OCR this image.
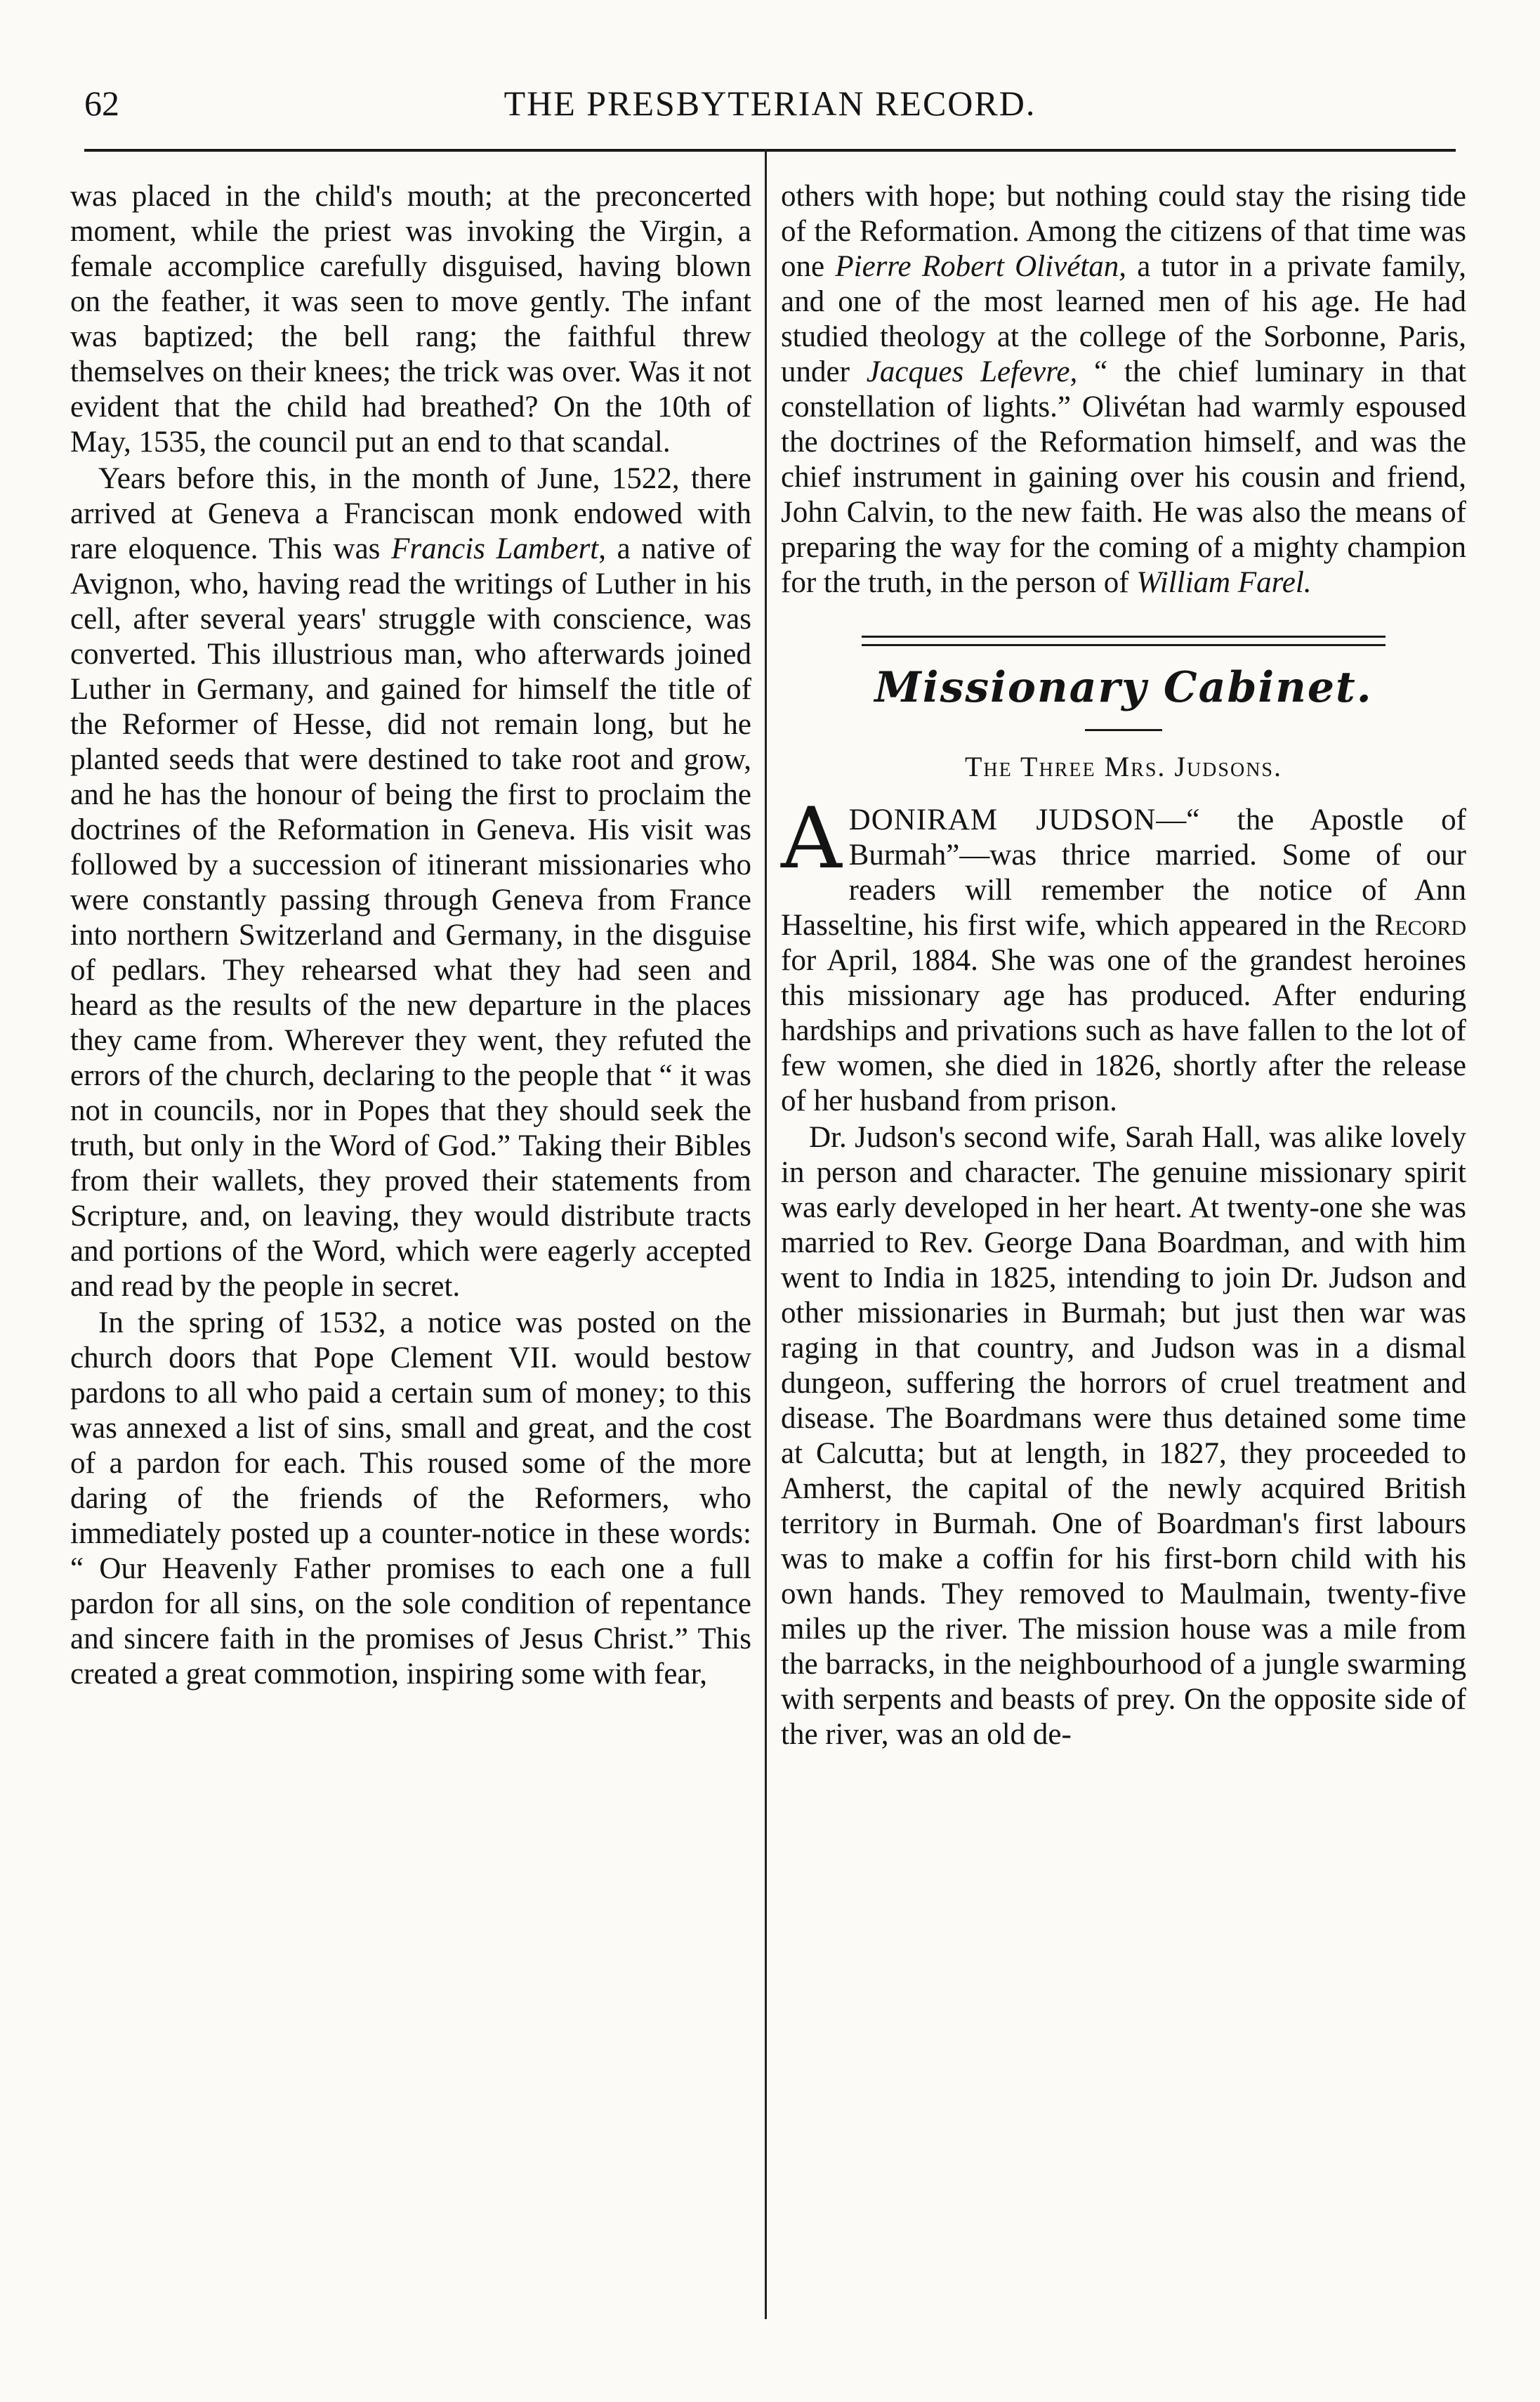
62	THE PRESBYTERIAN RECORD.

was placed in the child's mouth; at the preconcerted moment, while the priest was invoking the Virgin, a female accomplice carefully disguised, having blown on the feather, it was seen to move gently. The infant was baptized; the bell rang; the faithful threw themselves on their knees; the trick was over. Was it not evident that the child had breathed? On the 10th of May, 1535, the council put an end to that scandal.

Years before this, in the month of June, 1522, there arrived at Geneva a Franciscan monk endowed with rare eloquence. This was Francis Lambert, a native of Avignon, who, having read the writings of Luther in his cell, after several years' struggle with conscience, was converted. This illustrious man, who afterwards joined Luther in Germany, and gained for himself the title of the Reformer of Hesse, did not remain long, but he planted seeds that were destined to take root and grow, and he has the honour of being the first to proclaim the doctrines of the Reformation in Geneva. His visit was followed by a succession of itinerant missionaries who were constantly passing through Geneva from France into northern Switzerland and Germany, in the disguise of pedlars. They rehearsed what they had seen and heard as the results of the new departure in the places they came from. Wherever they went, they refuted the errors of the church, declaring to the people that “ it was not in councils, nor in Popes that they should seek the truth, but only in the Word of God.” Taking their Bibles from their wallets, they proved their statements from Scripture, and, on leaving, they would distribute tracts and portions of the Word, which were eagerly accepted and read by the people in secret.

In the spring of 1532, a notice was posted on the church doors that Pope Clement VII. would bestow pardons to all who paid a certain sum of money; to this was annexed a list of sins, small and great, and the cost of a pardon for each. This roused some of the more daring of the friends of the Reformers, who immediately posted up a counter-notice in these words: “ Our Heavenly Father promises to each one a full pardon for all sins, on the sole condition of repentance and sincere faith in the promises of Jesus Christ.” This created a great commotion, inspiring some with fear,

others with hope; but nothing could stay the rising tide of the Reformation. Among the citizens of that time was one Pierre Robert Olivétan, a tutor in a private family, and one of the most learned men of his age. He had studied theology at the college of the Sorbonne, Paris, under Jacques Lefevre, “ the chief luminary in that constellation of lights.” Olivétan had warmly espoused the doctrines of the Reformation himself, and was the chief instrument in gaining over his cousin and friend, John Calvin, to the new faith. He was also the means of preparing the way for the coming of a mighty champion for the truth, in the person of William Farel.

Missionary Cabinet.
The Three Mrs. Judsons.

ADONIRAM JUDSON—“ the Apostle of Burmah”—was thrice married. Some of our readers will remember the notice of Ann Hasseltine, his first wife, which appeared in the Record for April, 1884. She was one of the grandest heroines this missionary age has produced. After enduring hardships and privations such as have fallen to the lot of few women, she died in 1826, shortly after the release of her husband from prison.

Dr. Judson's second wife, Sarah Hall, was alike lovely in person and character. The genuine missionary spirit was early developed in her heart. At twenty-one she was married to Rev. George Dana Boardman, and with him went to India in 1825, intending to join Dr. Judson and other missionaries in Burmah; but just then war was raging in that country, and Judson was in a dismal dungeon, suffering the horrors of cruel treatment and disease. The Boardmans were thus detained some time at Calcutta; but at length, in 1827, they proceeded to Amherst, the capital of the newly acquired British territory in Burmah. One of Boardman's first labours was to make a coffin for his first-born child with his own hands. They removed to Maulmain, twenty-five miles up the river. The mission house was a mile from the barracks, in the neighbourhood of a jungle swarming with serpents and beasts of prey. On the opposite side of the river, was an old de-
